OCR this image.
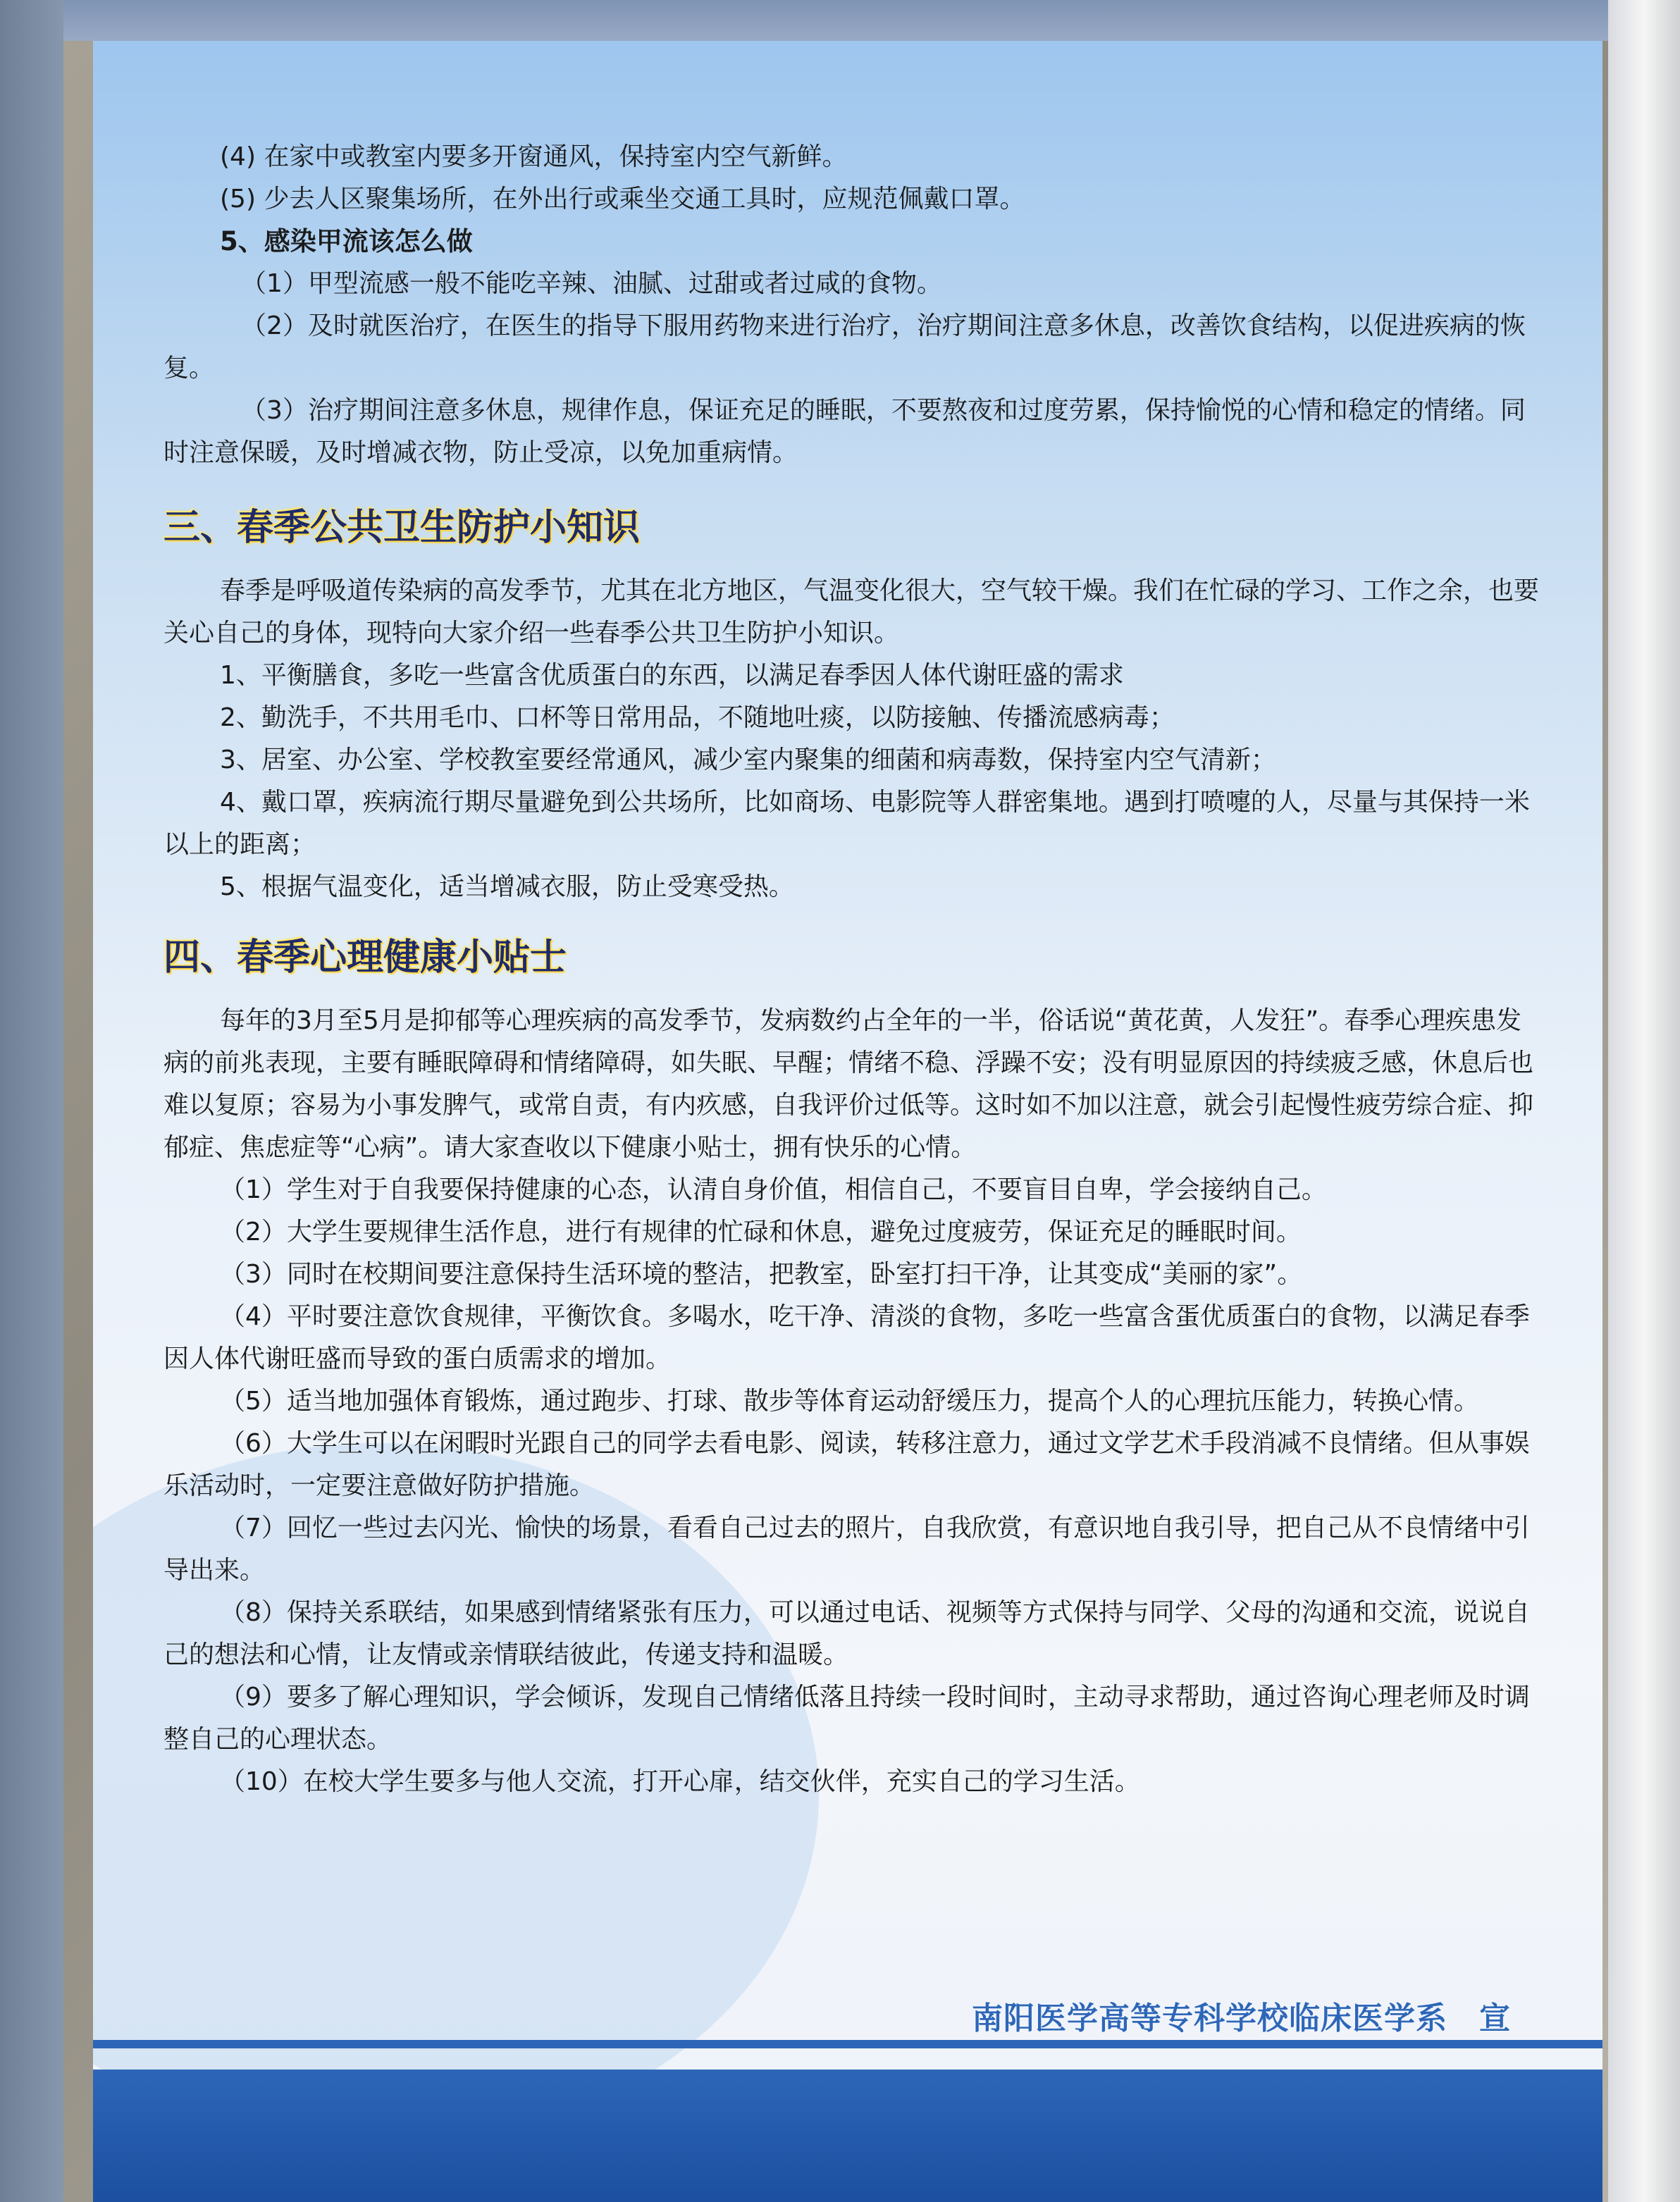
(4) 在家中或教室内要多开窗通风，保持室内空气新鲜。

(5) 少去人区聚集场所，在外出行或乘坐交通工具时，应规范佩戴口罩。

5、感染甲流该怎么做

（1）甲型流感一般不能吃辛辣、油腻、过甜或者过咸的食物。

（2）及时就医治疗，在医生的指导下服用药物来进行治疗，治疗期间注意多休息，改善饮食结构，以促进疾病的恢复。

（3）治疗期间注意多休息，规律作息，保证充足的睡眠，不要熬夜和过度劳累，保持愉悦的心情和稳定的情绪。同时注意保暖，及时增减衣物，防止受凉，以免加重病情。

三、春季公共卫生防护小知识

春季是呼吸道传染病的高发季节，尤其在北方地区，气温变化很大，空气较干燥。我们在忙碌的学习、工作之余，也要关心自己的身体，现特向大家介绍一些春季公共卫生防护小知识。

1、平衡膳食，多吃一些富含优质蛋白的东西，以满足春季因人体代谢旺盛的需求

2、勤洗手，不共用毛巾、口杯等日常用品，不随地吐痰，以防接触、传播流感病毒；

3、居室、办公室、学校教室要经常通风，减少室内聚集的细菌和病毒数，保持室内空气清新；

4、戴口罩，疾病流行期尽量避免到公共场所，比如商场、电影院等人群密集地。遇到打喷嚏的人，尽量与其保持一米以上的距离；

5、根据气温变化，适当增减衣服，防止受寒受热。

四、春季心理健康小贴士

每年的3月至5月是抑郁等心理疾病的高发季节，发病数约占全年的一半，俗话说“黄花黄，人发狂”。春季心理疾患发病的前兆表现，主要有睡眠障碍和情绪障碍，如失眠、早醒；情绪不稳、浮躁不安；没有明显原因的持续疲乏感，休息后也难以复原；容易为小事发脾气，或常自责，有内疚感，自我评价过低等。这时如不加以注意，就会引起慢性疲劳综合症、抑郁症、焦虑症等“心病”。请大家查收以下健康小贴士，拥有快乐的心情。

（1）学生对于自我要保持健康的心态，认清自身价值，相信自己，不要盲目自卑，学会接纳自己。

（2）大学生要规律生活作息，进行有规律的忙碌和休息，避免过度疲劳，保证充足的睡眠时间。

（3）同时在校期间要注意保持生活环境的整洁，把教室，卧室打扫干净，让其变成“美丽的家”。

（4）平时要注意饮食规律，平衡饮食。多喝水，吃干净、清淡的食物，多吃一些富含蛋优质蛋白的食物，以满足春季因人体代谢旺盛而导致的蛋白质需求的增加。

（5）适当地加强体育锻炼，通过跑步、打球、散步等体育运动舒缓压力，提高个人的心理抗压能力，转换心情。

（6）大学生可以在闲暇时光跟自己的同学去看电影、阅读，转移注意力，通过文学艺术手段消减不良情绪。但从事娱乐活动时，一定要注意做好防护措施。

（7）回忆一些过去闪光、愉快的场景，看看自己过去的照片，自我欣赏，有意识地自我引导，把自己从不良情绪中引导出来。

（8）保持关系联结，如果感到情绪紧张有压力，可以通过电话、视频等方式保持与同学、父母的沟通和交流，说说自己的想法和心情，让友情或亲情联结彼此，传递支持和温暖。

（9）要多了解心理知识，学会倾诉，发现自己情绪低落且持续一段时间时，主动寻求帮助，通过咨询心理老师及时调整自己的心理状态。

（10）在校大学生要多与他人交流，打开心扉，结交伙伴，充实自己的学习生活。

南阳医学高等专科学校临床医学系　宣
